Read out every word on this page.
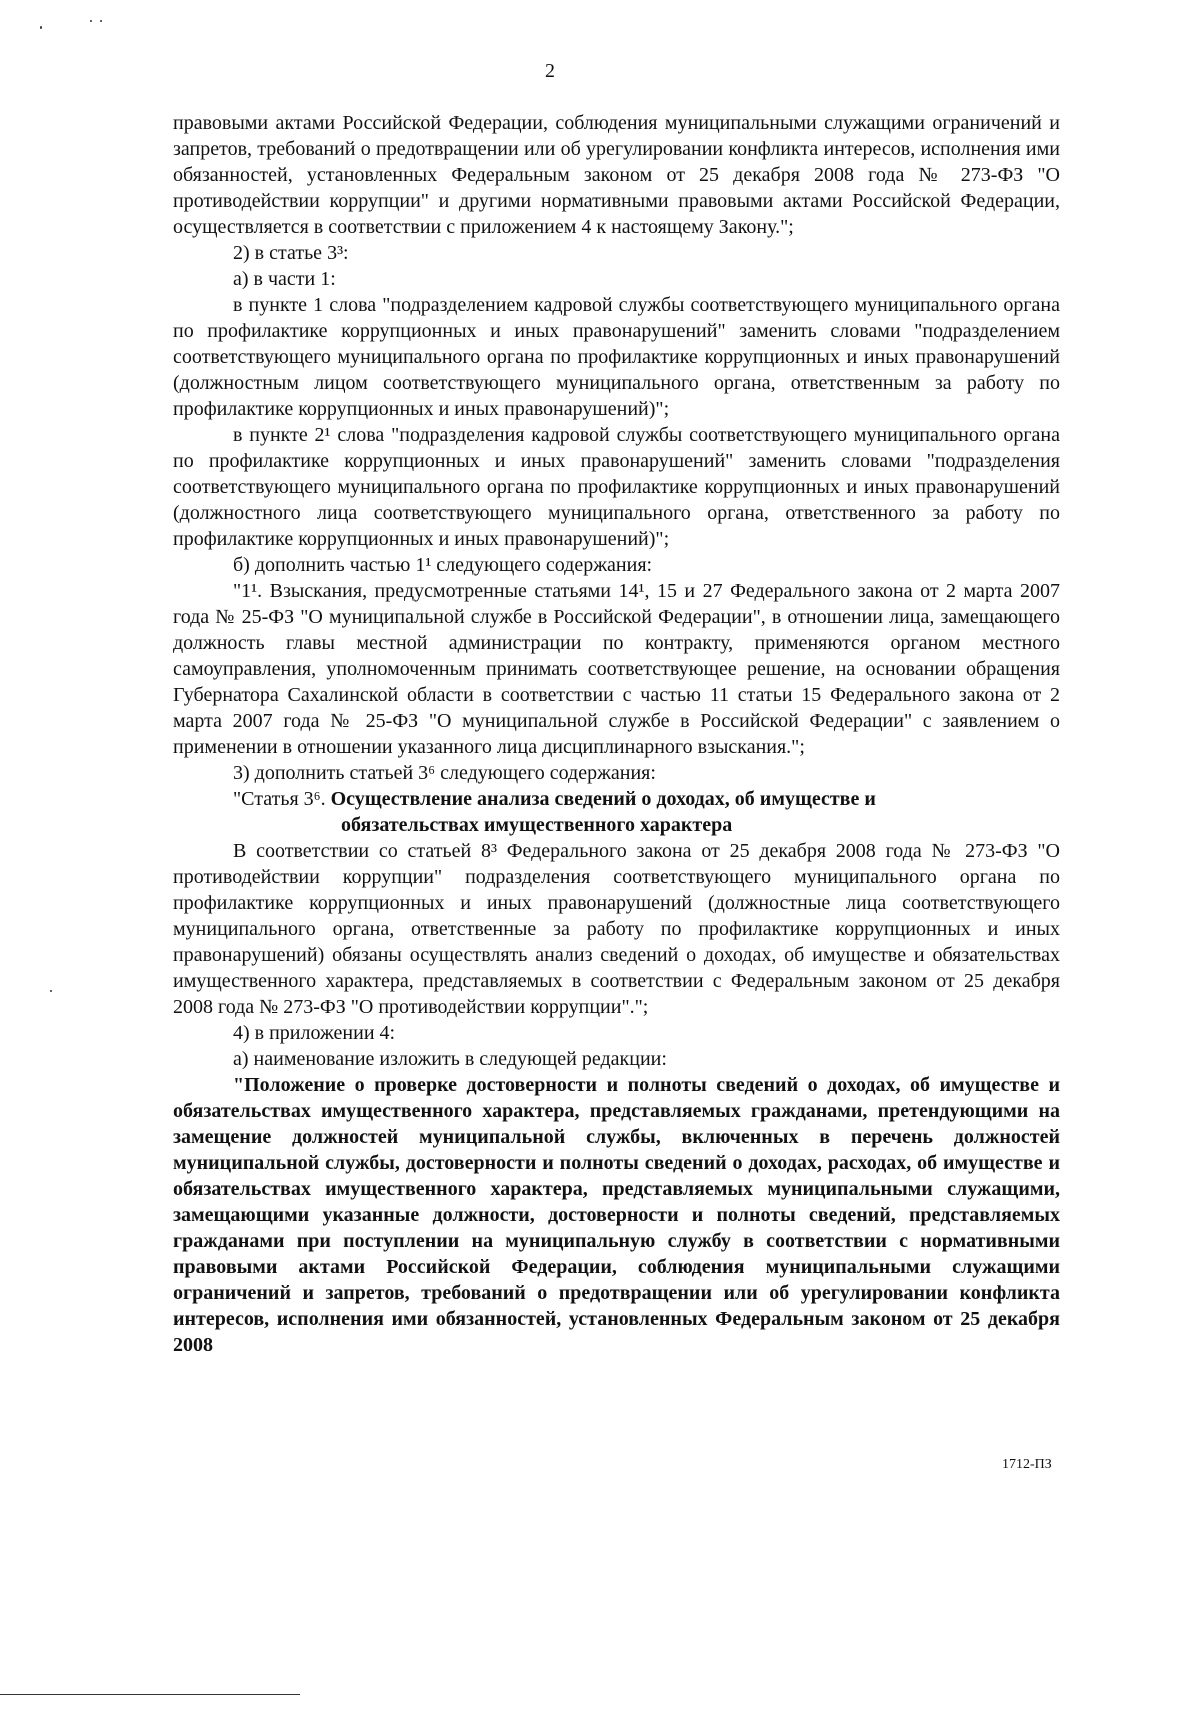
2

правовыми актами Российской Федерации, соблюдения муниципальными служащими ограничений и запретов, требований о предотвращении или об урегулировании конфликта интересов, исполнения ими обязанностей, установленных Федеральным законом от 25 декабря 2008 года № 273-ФЗ "О противодействии коррупции" и другими нормативными правовыми актами Российской Федерации, осуществляется в соответствии с приложением 4 к настоящему Закону.";

2) в статье 3³:

а) в части 1:

в пункте 1 слова "подразделением кадровой службы соответствующего муниципального органа по профилактике коррупционных и иных правонарушений" заменить словами "подразделением соответствующего муниципального органа по профилактике коррупционных и иных правонарушений (должностным лицом соответствующего муниципального органа, ответственным за работу по профилактике коррупционных и иных правонарушений)";

в пункте 2¹ слова "подразделения кадровой службы соответствующего муниципального органа по профилактике коррупционных и иных правонарушений" заменить словами "подразделения соответствующего муниципального органа по профилактике коррупционных и иных правонарушений (должностного лица соответствующего муниципального органа, ответственного за работу по профилактике коррупционных и иных правонарушений)";

б) дополнить частью 1¹ следующего содержания:

"1¹. Взыскания, предусмотренные статьями 14¹, 15 и 27 Федерального закона от 2 марта 2007 года № 25-ФЗ "О муниципальной службе в Российской Федерации", в отношении лица, замещающего должность главы местной администрации по контракту, применяются органом местного самоуправления, уполномоченным принимать соответствующее решение, на основании обращения Губернатора Сахалинской области в соответствии с частью 11 статьи 15 Федерального закона от 2 марта 2007 года № 25-ФЗ "О муниципальной службе в Российской Федерации" с заявлением о применении в отношении указанного лица дисциплинарного взыскания.";

3) дополнить статьей 3⁶ следующего содержания:

"Статья 3⁶. Осуществление анализа сведений о доходах, об имуществе и

обязательствах имущественного характера

В соответствии со статьей 8³ Федерального закона от 25 декабря 2008 года № 273-ФЗ "О противодействии коррупции" подразделения соответствующего муниципального органа по профилактике коррупционных и иных правонарушений (должностные лица соответствующего муниципального органа, ответственные за работу по профилактике коррупционных и иных правонарушений) обязаны осуществлять анализ сведений о доходах, об имуществе и обязательствах имущественного характера, представляемых в соответствии с Федеральным законом от 25 декабря 2008 года № 273-ФЗ "О противодействии коррупции".";

4) в приложении 4:

а) наименование изложить в следующей редакции:

"Положение о проверке достоверности и полноты сведений о доходах, об имуществе и обязательствах имущественного характера, представляемых гражданами, претендующими на замещение должностей муниципальной службы, включенных в перечень должностей муниципальной службы, достоверности и полноты сведений о доходах, расходах, об имуществе и обязательствах имущественного характера, представляемых муниципальными служащими, замещающими указанные должности, достоверности и полноты сведений, представляемых гражданами при поступлении на муниципальную службу в соответствии с нормативными правовыми актами Российской Федерации, соблюдения муниципальными служащими ограничений и запретов, требований о предотвращении или об урегулировании конфликта интересов, исполнения ими обязанностей, установленных Федеральным законом от 25 декабря 2008

1712-ПЗ
